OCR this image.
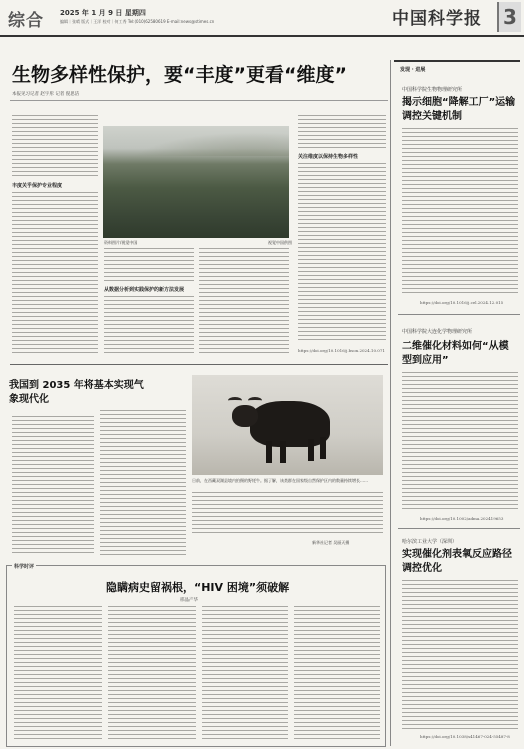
综合 2025 年 1 月 9 日 星期四
编辑｜张晴 版式｜王洋 校对｜何工秀 Tel:(010)62580619 E-mail:news@stimes.cn	中国科学报	3
生物多样性保护，要“丰度”更看“维度”
本报见习记者 赵宇彤 记者 倪思洁
丰度关乎保护专业程度
资料图片/视觉中国	视觉中国供图
关注维度以保持生物多样性
从数据分析到实践保护的新方法发展
https://doi.org/10.1016/j.bson.2024.10.071
我国到 2035 年将基本实现气象现代化
日前，在西藏双湖县境内拍摄的野牦牛。据了解，该类群在国家级自然保护区内的数量持续增长……
新华社记者 吴丽天摄
科学时评
隐瞒病史留祸根，“HIV 困境”须破解
邢晶产华
发现 · 进展
中国科学院生物物理研究所
揭示细胞“降解工厂”运输调控关键机制
https://doi.org/10.1016/j.cel.2024.12.015
中国科学院大连化学物理研究所
二维催化材料如何“从模型到应用”
https://doi.org/10.1002/adma.202419653
哈尔滨工业大学（深圳）
实现催化剂表氧反应路径调控优化
https://doi.org/10.1038/s41467-024-55487-8
